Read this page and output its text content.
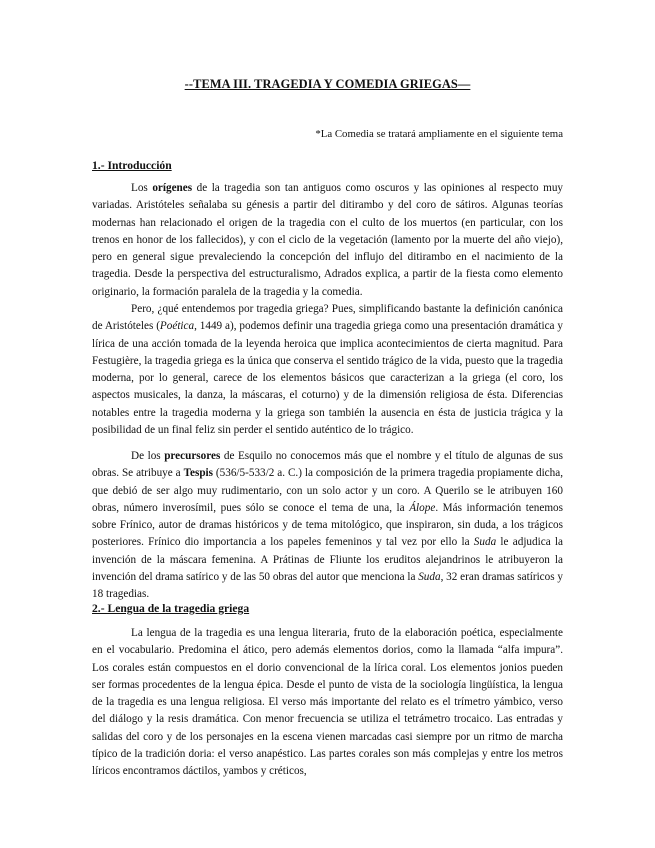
--TEMA III. TRAGEDIA Y COMEDIA GRIEGAS—
*La Comedia se tratará ampliamente en el siguiente tema
1.- Introducción

Los orígenes de la tragedia son tan antiguos como oscuros y las opiniones al respecto muy variadas. Aristóteles señalaba su génesis a partir del ditirambo y del coro de sátiros. Algunas teorías modernas han relacionado el origen de la tragedia con el culto de los muertos (en particular, con los trenos en honor de los fallecidos), y con el ciclo de la vegetación (lamento por la muerte del año viejo), pero en general sigue prevaleciendo la concepción del influjo del ditirambo en el nacimiento de la tragedia. Desde la perspectiva del estructuralismo, Adrados explica, a partir de la fiesta como elemento originario, la formación paralela de la tragedia y la comedia.

Pero, ¿qué entendemos por tragedia griega? Pues, simplificando bastante la definición canónica de Aristóteles (Poética, 1449 a), podemos definir una tragedia griega como una presentación dramática y lírica de una acción tomada de la leyenda heroica que implica acontecimientos de cierta magnitud. Para Festugière, la tragedia griega es la única que conserva el sentido trágico de la vida, puesto que la tragedia moderna, por lo general, carece de los elementos básicos que caracterizan a la griega (el coro, los aspectos musicales, la danza, la máscaras, el coturno) y de la dimensión religiosa de ésta. Diferencias notables entre la tragedia moderna y la griega son también la ausencia en ésta de justicia trágica y la posibilidad de un final feliz sin perder el sentido auténtico de lo trágico.

De los precursores de Esquilo no conocemos más que el nombre y el título de algunas de sus obras. Se atribuye a Tespis (536/5-533/2 a. C.) la composición de la primera tragedia propiamente dicha, que debió de ser algo muy rudimentario, con un solo actor y un coro. A Querilo se le atribuyen 160 obras, número inverosímil, pues sólo se conoce el tema de una, la Álope. Más información tenemos sobre Frínico, autor de dramas históricos y de tema mitológico, que inspiraron, sin duda, a los trágicos posteriores. Frínico dio importancia a los papeles femeninos y tal vez por ello la Suda le adjudica la invención de la máscara femenina. A Prátinas de Fliunte los eruditos alejandrinos le atribuyeron la invención del drama satírico y de las 50 obras del autor que menciona la Suda, 32 eran dramas satíricos y 18 tragedias.

2.- Lengua de la tragedia griega

La lengua de la tragedia es una lengua literaria, fruto de la elaboración poética, especialmente en el vocabulario. Predomina el ático, pero además elementos dorios, como la llamada “alfa impura”. Los corales están compuestos en el dorio convencional de la lírica coral. Los elementos jonios pueden ser formas procedentes de la lengua épica. Desde el punto de vista de la sociología lingüística, la lengua de la tragedia es una lengua religiosa. El verso más importante del relato es el trímetro yámbico, verso del diálogo y la resis dramática. Con menor frecuencia se utiliza el tetrámetro trocaico. Las entradas y salidas del coro y de los personajes en la escena vienen marcadas casi siempre por un ritmo de marcha típico de la tradición doria: el verso anapéstico. Las partes corales son más complejas y entre los metros líricos encontramos dáctilos, yambos y créticos,
